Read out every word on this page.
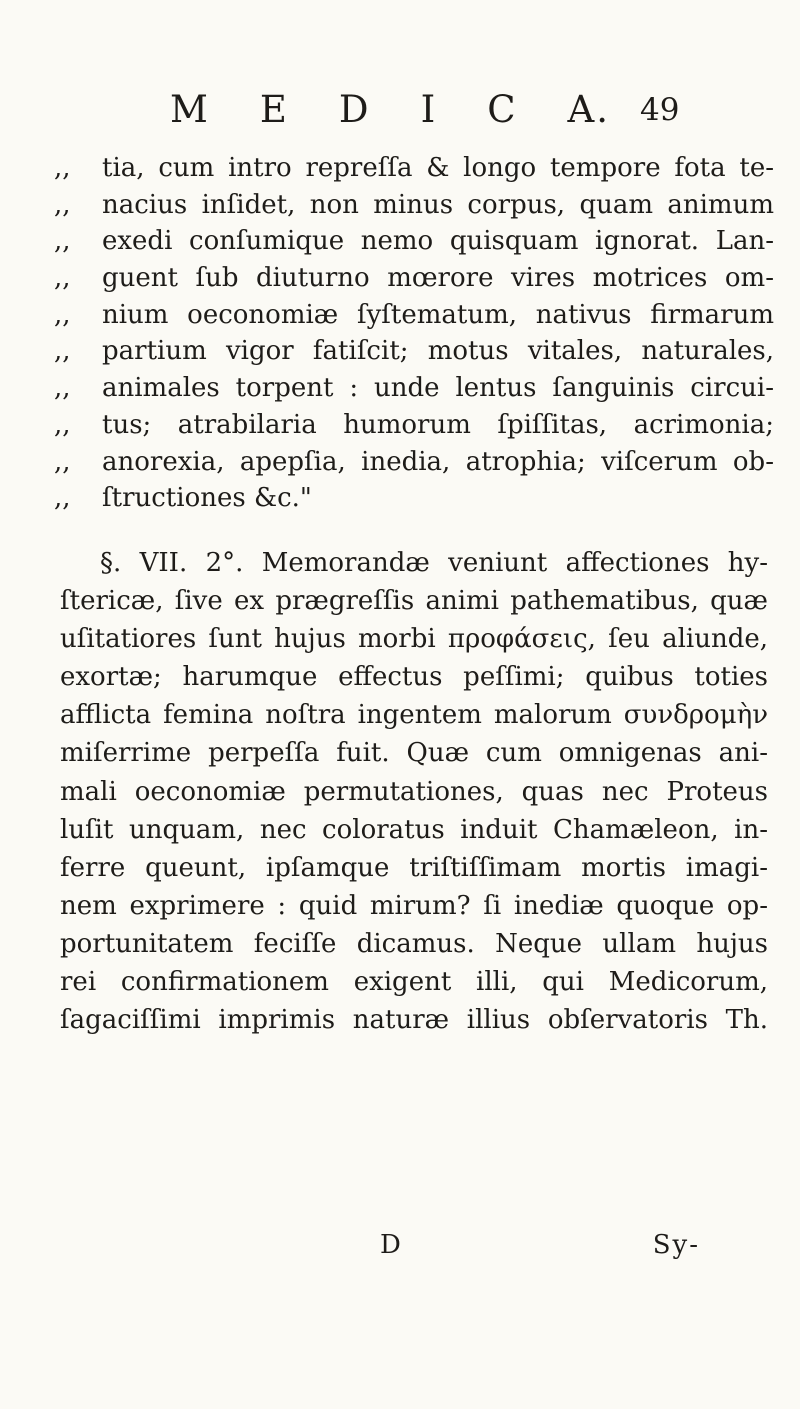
M E D I C A. 49
,,	tia, cum intro repreſſa & longo tempore fota te-
,,	nacius inſidet, non minus corpus, quam animum
,,	exedi conſumique nemo quisquam ignorat. Lan-
,,	guent ſub diuturno mœrore vires motrices om-
,,	nium oeconomiæ ſyſtematum, nativus firmarum
,,	partium vigor fatiſcit; motus vitales, naturales,
,,	animales torpent : unde lentus ſanguinis circui-
,,	tus; atrabilaria humorum ſpiſſitas, acrimonia;
,,	anorexia, apepſia, inedia, atrophia; viſcerum ob-
,,	ſtructiones &c."
§. VII. 2°. Memorandæ veniunt affectiones hy-
ſtericæ, ſive ex prægreſſis animi pathematibus, quæ
uſitatiores ſunt hujus morbi προφάσεις, ſeu aliunde,
exortæ; harumque effectus peſſimi; quibus toties
afflicta femina noſtra ingentem malorum συνδρομὴν
miſerrime perpeſſa fuit. Quæ cum omnigenas ani-
mali oeconomiæ permutationes, quas nec Proteus
luſit unquam, nec coloratus induit Chamæleon, in-
ferre queunt, ipſamque triſtiſſimam mortis imagi-
nem exprimere : quid mirum? ſi inediæ quoque op-
portunitatem feciſſe dicamus. Neque ullam hujus
rei confirmationem exigent illi, qui Medicorum,
ſagaciſſimi imprimis naturæ illius obſervatoris Th.
D	Sy-
